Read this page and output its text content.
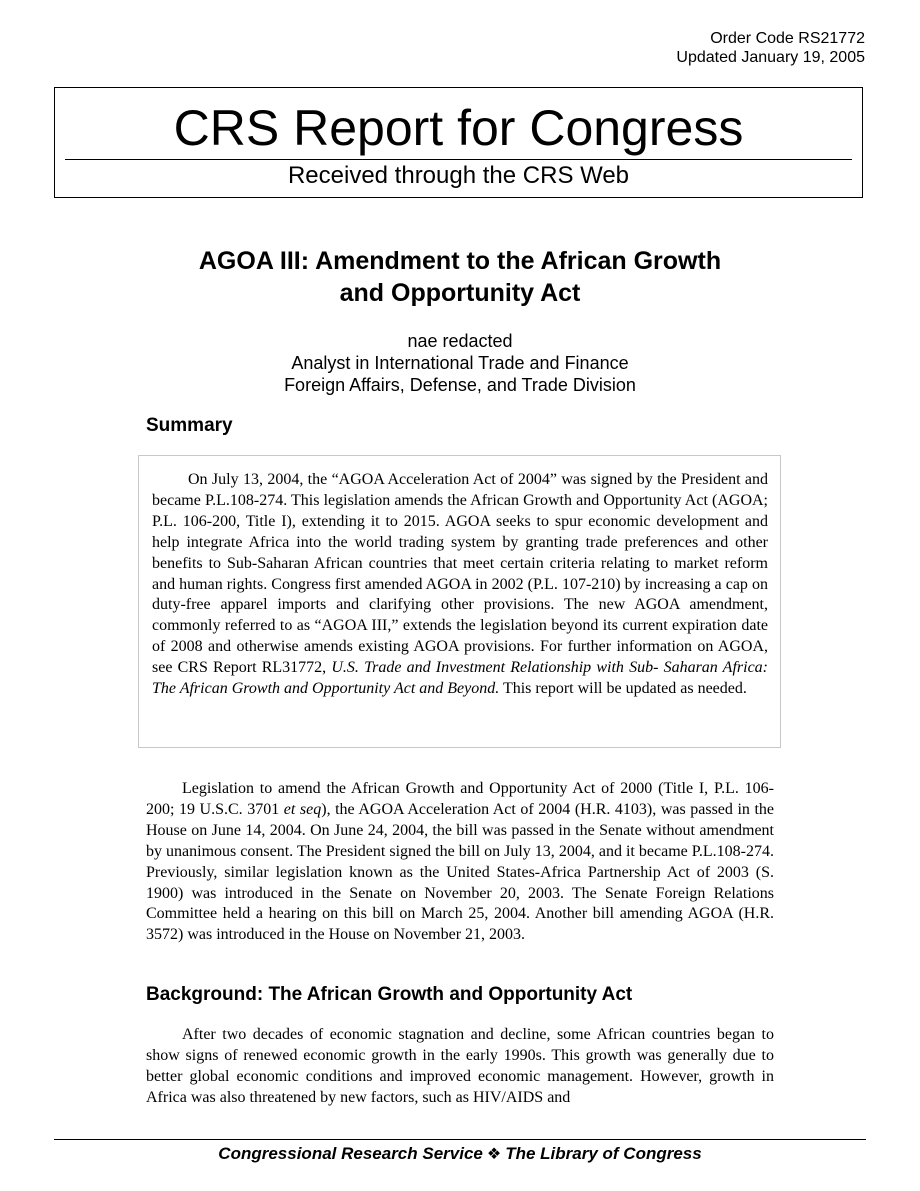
Order Code RS21772
Updated January 19, 2005
CRS Report for Congress
Received through the CRS Web
AGOA III: Amendment to the African Growth
and Opportunity Act
nae redacted
Analyst in International Trade and Finance
Foreign Affairs, Defense, and Trade Division
Summary

On July 13, 2004, the “AGOA Acceleration Act of 2004” was signed by the President and became P.L.108-274. This legislation amends the African Growth and Opportunity Act (AGOA; P.L. 106-200, Title I), extending it to 2015. AGOA seeks to spur economic development and help integrate Africa into the world trading system by granting trade preferences and other benefits to Sub-Saharan African countries that meet certain criteria relating to market reform and human rights. Congress first amended AGOA in 2002 (P.L. 107-210) by increasing a cap on duty-free apparel imports and clarifying other provisions. The new AGOA amendment, commonly referred to as “AGOA III,” extends the legislation beyond its current expiration date of 2008 and otherwise amends existing AGOA provisions. For further information on AGOA, see CRS Report RL31772, U.S. Trade and Investment Relationship with Sub- Saharan Africa: The African Growth and Opportunity Act and Beyond. This report will be updated as needed.

Legislation to amend the African Growth and Opportunity Act of 2000 (Title I, P.L. 106-200; 19 U.S.C. 3701 et seq), the AGOA Acceleration Act of 2004 (H.R. 4103), was passed in the House on June 14, 2004. On June 24, 2004, the bill was passed in the Senate without amendment by unanimous consent. The President signed the bill on July 13, 2004, and it became P.L.108-274. Previously, similar legislation known as the United States-Africa Partnership Act of 2003 (S. 1900) was introduced in the Senate on November 20, 2003. The Senate Foreign Relations Committee held a hearing on this bill on March 25, 2004. Another bill amending AGOA (H.R. 3572) was introduced in the House on November 21, 2003.

Background: The African Growth and Opportunity Act

After two decades of economic stagnation and decline, some African countries began to show signs of renewed economic growth in the early 1990s. This growth was generally due to better global economic conditions and improved economic management. However, growth in Africa was also threatened by new factors, such as HIV/AIDS and

Congressional Research Service ❖ The Library of Congress
